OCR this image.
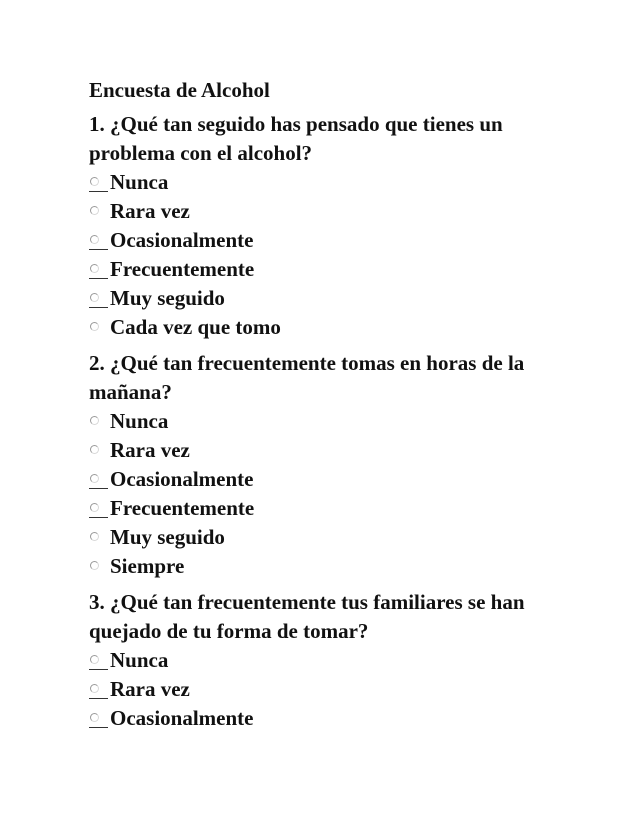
Encuesta de Alcohol
1. ¿Qué tan seguido has pensado que tienes un problema con el alcohol?
Nunca
Rara vez
Ocasionalmente
Frecuentemente
Muy seguido
Cada vez que tomo
2. ¿Qué tan frecuentemente tomas en horas de la mañana?
Nunca
Rara vez
Ocasionalmente
Frecuentemente
Muy seguido
Siempre
3. ¿Qué tan frecuentemente tus familiares se han quejado de tu forma de tomar?
Nunca
Rara vez
Ocasionalmente
